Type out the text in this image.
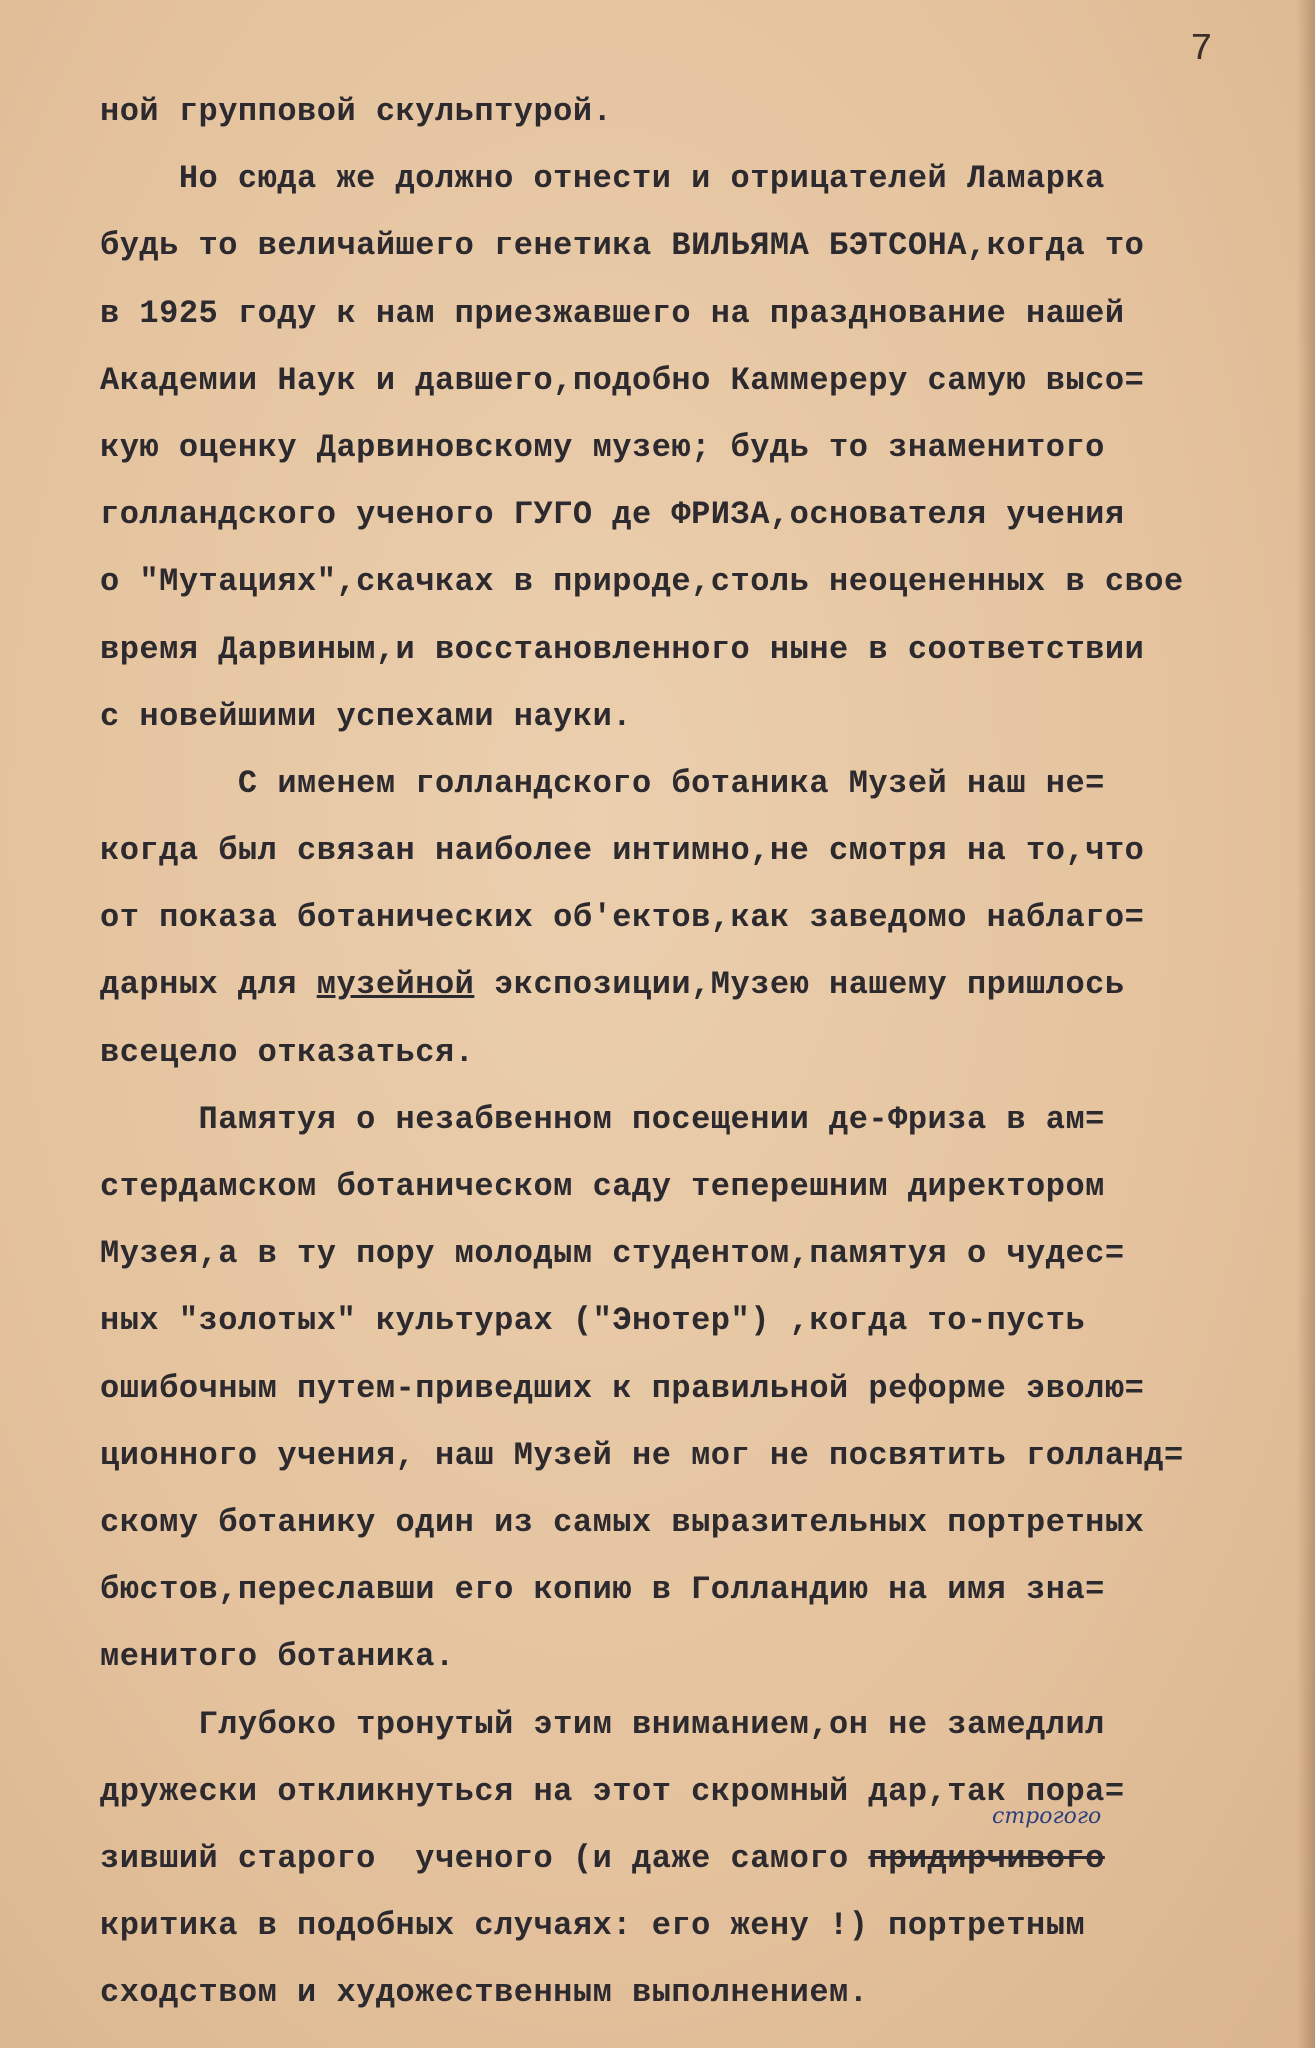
7

ной групповой скульптурой.
Но сюда же должно отнести и отрицателей Ламарка
будь то величайшего генетика ВИЛЬЯМА БЭТСОНА,когда то
в 1925 году к нам приезжавшего на празднование нашей
Академии Наук и давшего,подобно Каммереру самую высо=
кую оценку Дарвиновскому музею; будь то знаменитого
голландского ученого ГУГО де ФРИЗА,основателя учения
о "Мутациях",скачках в природе,столь неоцененных в свое
время Дарвиным,и восстановленного ныне в соответствии
с новейшими успехами науки.
С именем голландского ботаника Музей наш не=
когда был связан наиболее интимно,не смотря на то,что
от показа ботанических об'ектов,как заведомо наблаго=
дарных для музейной экспозиции,Музею нашему пришлось
всецело отказаться.
Памятуя о незабвенном посещении де-Фриза в ам=
стердамском ботаническом саду теперешним директором
Музея,а в ту пору молодым студентом,памятуя о чудес=
ных "золотых" культурах ("Энотер") ,когда то-пусть
ошибочным путем-приведших к правильной реформе эволю=
ционного учения, наш Музей не мог не посвятить голланд=
скому ботанику один из самых выразительных портретных
бюстов,переславши его копию в Голландию на имя зна=
менитого ботаника.
Глубоко тронутый этим вниманием,он не замедлил
дружески откликнуться на этот скромный дар,так пора=
зивший старого  ученого (и даже самого придирчивого
критика в подобных случаях: его жену !) портретным
сходством и художественным выполнением.

строгого
